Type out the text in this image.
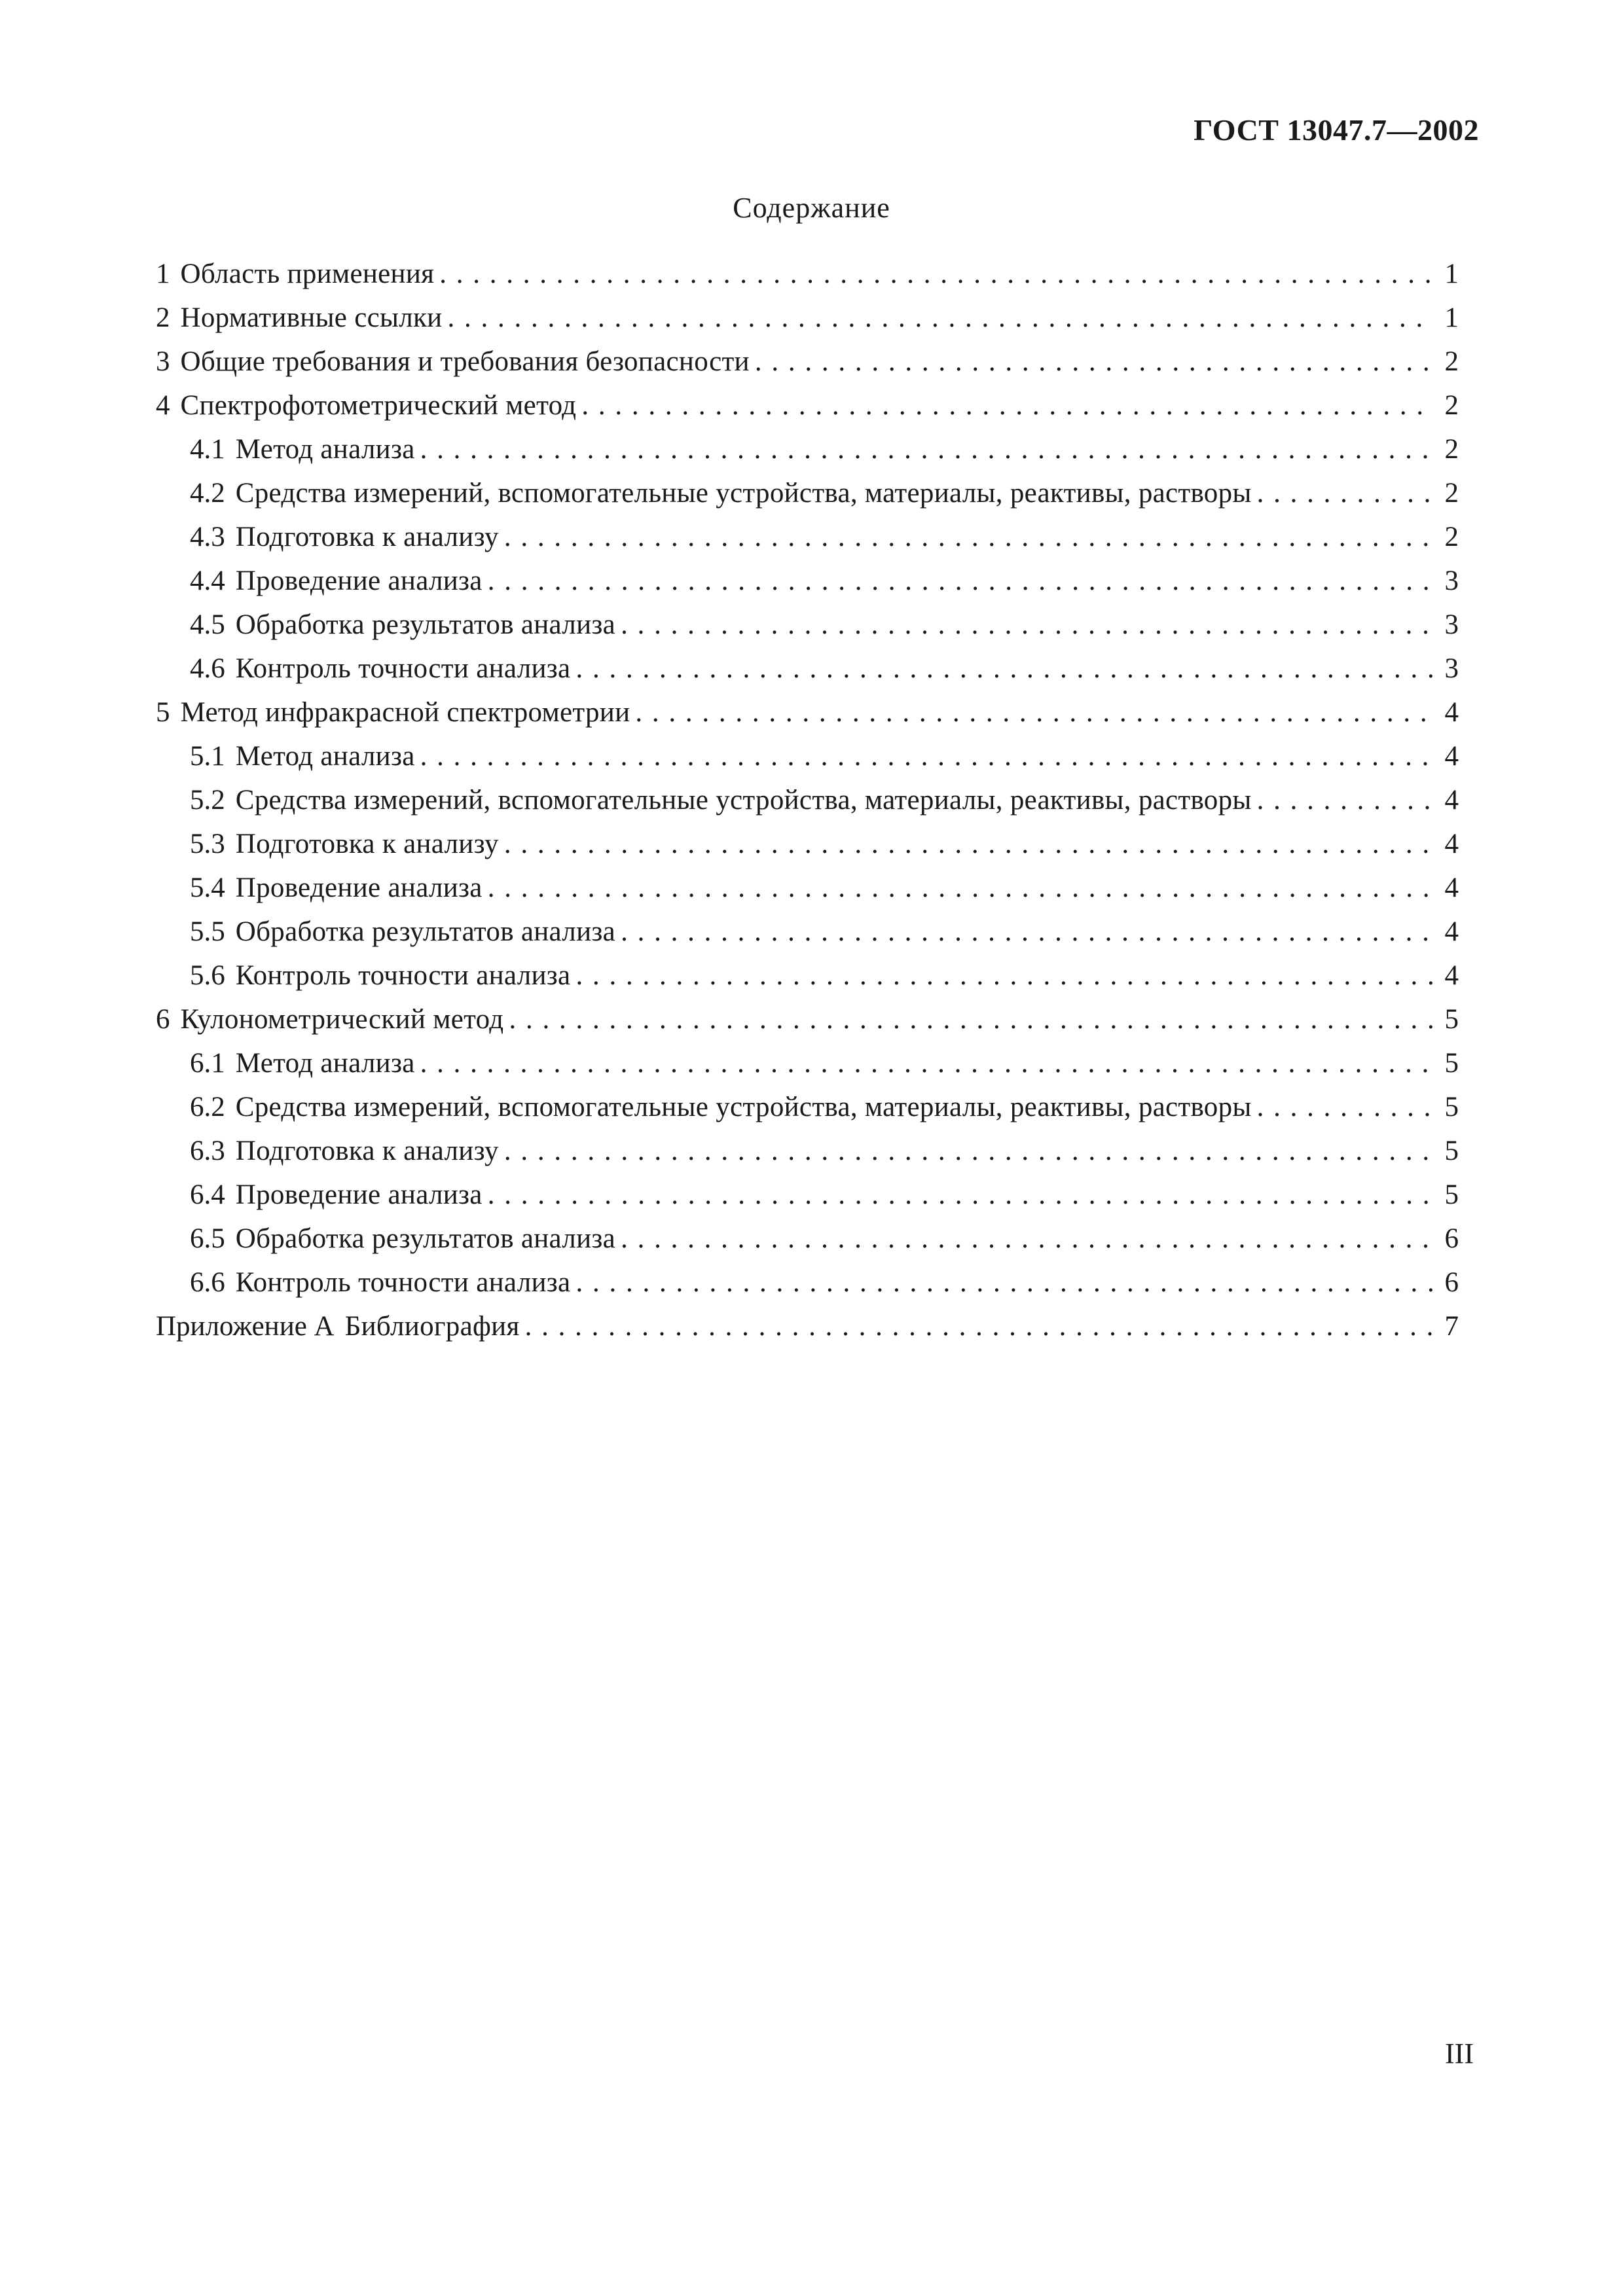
ГОСТ 13047.7—2002
Содержание
1 Область применения . . .	1
2 Нормативные ссылки . . .	1
3 Общие требования и требования безопасности . . .	2
4 Спектрофотометрический метод . . .	2
4.1 Метод анализа . . .	2
4.2 Средства измерений, вспомогательные устройства, материалы, реактивы, растворы . . .	2
4.3 Подготовка к анализу . . .	2
4.4 Проведение анализа . . .	3
4.5 Обработка результатов анализа . . .	3
4.6 Контроль точности анализа . . .	3
5 Метод инфракрасной спектрометрии . . .	4
5.1 Метод анализа . . .	4
5.2 Средства измерений, вспомогательные устройства, материалы, реактивы, растворы . . .	4
5.3 Подготовка к анализу . . .	4
5.4 Проведение анализа . . .	4
5.5 Обработка результатов анализа . . .	4
5.6 Контроль точности анализа . . .	4
6 Кулонометрический метод . . .	5
6.1 Метод анализа . . .	5
6.2 Средства измерений, вспомогательные устройства, материалы, реактивы, растворы . . .	5
6.3 Подготовка к анализу . . .	5
6.4 Проведение анализа . . .	5
6.5 Обработка результатов анализа . . .	6
6.6 Контроль точности анализа . . .	6
Приложение А Библиография . . .	7
III
